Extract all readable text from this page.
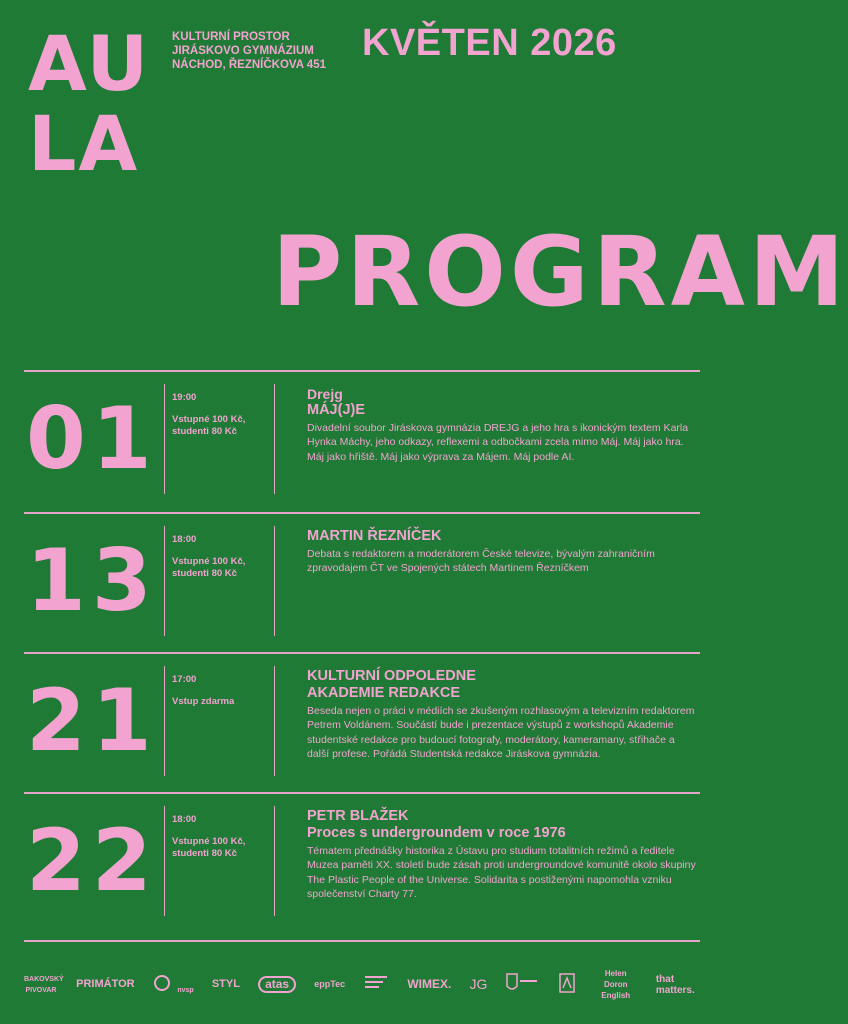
AU
LA
KULTURNÍ PROSTOR
JIRÁSKOVO GYMNÁZIUM
NÁCHOD, ŘEZNÍČKOVA 451
KVĚTEN 2026
PROGRAM
01 19:00
Vstupné 100 Kč, studenti 80 Kč
Drejg
MÁJ(J)E
Divadelní soubor Jiráskova gymnázia DREJG a jeho hra s ikonickým textem Karla Hynka Máchy, jeho odkazy, reflexemi a odbočkami zcela mimo Máj. Máj jako hra. Máj jako hřiště. Máj jako výprava za Májem. Máj podle AI.
13 18:00
Vstupné 100 Kč, studenti 80 Kč
MARTIN ŘEZNÍČEK
Debata s redaktorem a moderátorem České televize, bývalým zahraničním zpravodajem ČT ve Spojených státech Martinem Řezníčkem
21 17:00
Vstup zdarma
KULTURNÍ ODPOLEDNE
AKADEMIE REDAKCE
Beseda nejen o práci v médiích se zkušeným rozhlasovým a televizním redaktorem Petrem Voldánem. Součástí bude i prezentace výstupů z workshopů Akademie studentské redakce pro budoucí fotografy, moderátory, kameramany, střihače a další profese. Pořádá Studentská redakce Jiráskova gymnázia.
22 18:00
Vstupné 100 Kč, studenti 80 Kč
PETR BLAŽEK
Proces s undergroundem v roce 1976
Tématem přednášky historika z Ústavu pro studium totalitních režimů a ředitele Muzea paměti XX. století bude zásah proti undergroundové komunitě okolo skupiny The Plastic People of the Universe. Solidarita s postiženými napomohla vzniku společenství Charty 77.
BAKOVSKÝ PIVOVAR PRIMÁTOR	nvsp STYL	atas	eppTec	WIMEX. JG
Helen Doron English
that matters.
